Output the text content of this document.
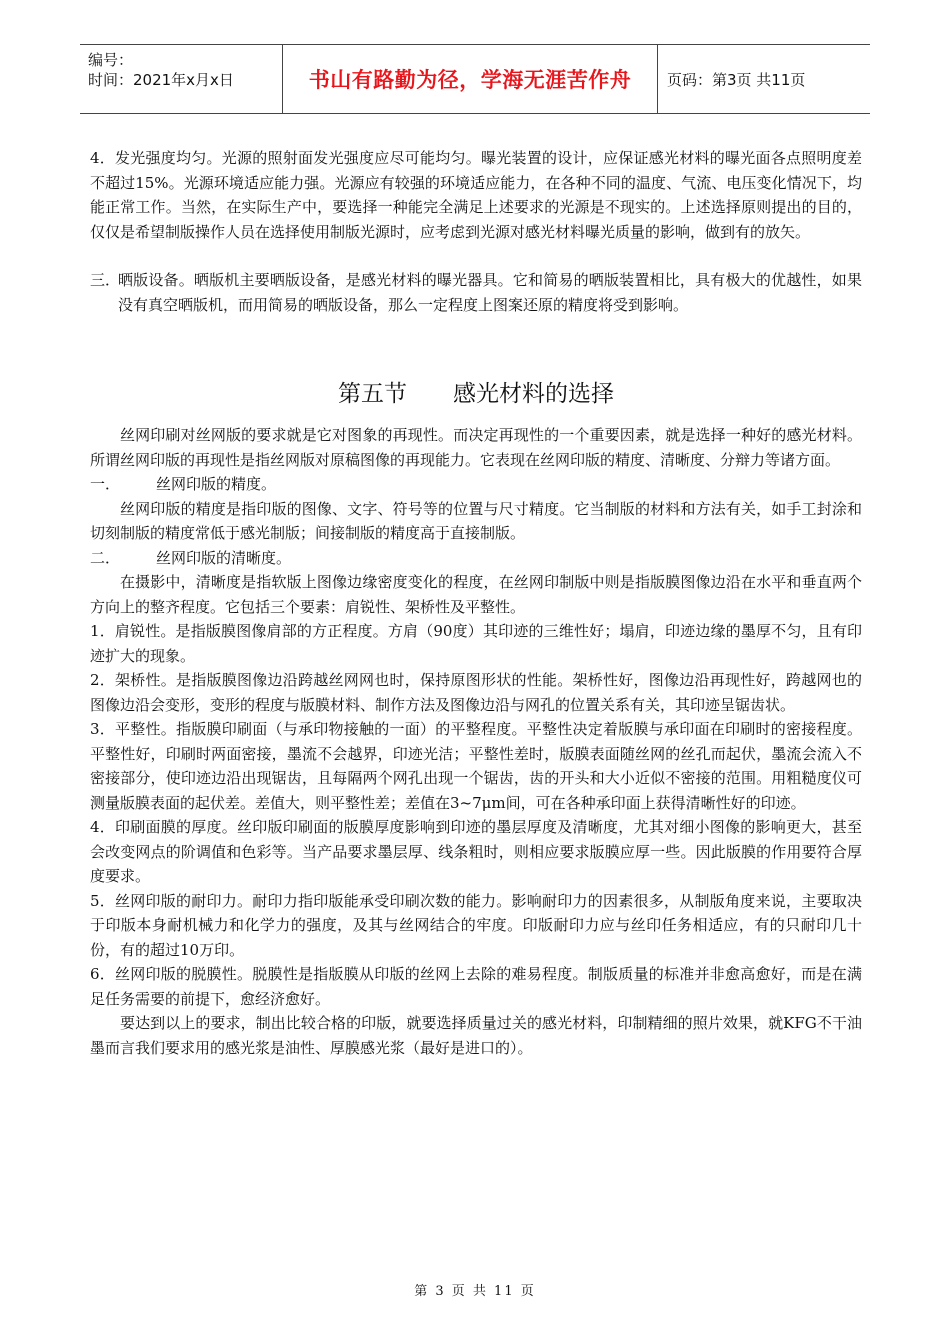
编号：
时间：2021年x月x日	书山有路勤为径，学海无涯苦作舟	页码：第3页 共11页

4．发光强度均匀。光源的照射面发光强度应尽可能均匀。曝光装置的设计，应保证感光材料的曝光面各点照明度差不超过15%。光源环境适应能力强。光源应有较强的环境适应能力，在各种不同的温度、气流、电压变化情况下，均能正常工作。当然，在实际生产中，要选择一种能完全满足上述要求的光源是不现实的。上述选择原则提出的目的，仅仅是希望制版操作人员在选择使用制版光源时，应考虑到光源对感光材料曝光质量的影响，做到有的放矢。

三．
晒版设备。晒版机主要晒版设备，是感光材料的曝光器具。它和简易的晒版装置相比，具有极大的优越性，如果没有真空晒版机，而用简易的晒版设备，那么一定程度上图案还原的精度将受到影响。
第五节 感光材料的选择

丝网印刷对丝网版的要求就是它对图象的再现性。而决定再现性的一个重要因素，就是选择一种好的感光材料。所谓丝网印版的再现性是指丝网版对原稿图像的再现能力。它表现在丝网印版的精度、清晰度、分辩力等诸方面。

一．	丝网印版的精度。

丝网印版的精度是指印版的图像、文字、符号等的位置与尺寸精度。它当制版的材料和方法有关，如手工封涂和切刻制版的精度常低于感光制版；间接制版的精度高于直接制版。

二．	丝网印版的清晰度。

在摄影中，清晰度是指软版上图像边缘密度变化的程度，在丝网印制版中则是指版膜图像边沿在水平和垂直两个方向上的整齐程度。它包括三个要素：肩锐性、架桥性及平整性。

1．肩锐性。是指版膜图像肩部的方正程度。方肩（90度）其印迹的三维性好；塌肩，印迹边缘的墨厚不匀，且有印迹扩大的现象。

2．架桥性。是指版膜图像边沿跨越丝网网也时，保持原图形状的性能。架桥性好，图像边沿再现性好，跨越网也的图像边沿会变形，变形的程度与版膜材料、制作方法及图像边沿与网孔的位置关系有关，其印迹呈锯齿状。

3．平整性。指版膜印刷面（与承印物接触的一面）的平整程度。平整性决定着版膜与承印面在印刷时的密接程度。平整性好，印刷时两面密接，墨流不会越界，印迹光洁；平整性差时，版膜表面随丝网的丝孔而起伏，墨流会流入不密接部分，使印迹边沿出现锯齿，且每隔两个网孔出现一个锯齿，齿的开头和大小近似不密接的范围。用粗糙度仪可测量版膜表面的起伏差。差值大，则平整性差；差值在3~7μm间，可在各种承印面上获得清晰性好的印迹。

4．印刷面膜的厚度。丝印版印刷面的版膜厚度影响到印迹的墨层厚度及清晰度，尤其对细小图像的影响更大，甚至会改变网点的阶调值和色彩等。当产品要求墨层厚、线条粗时，则相应要求版膜应厚一些。因此版膜的作用要符合厚度要求。

5．丝网印版的耐印力。耐印力指印版能承受印刷次数的能力。影响耐印力的因素很多，从制版角度来说，主要取决于印版本身耐机械力和化学力的强度，及其与丝网结合的牢度。印版耐印力应与丝印任务相适应，有的只耐印几十份，有的超过10万印。

6．丝网印版的脱膜性。脱膜性是指版膜从印版的丝网上去除的难易程度。制版质量的标准并非愈高愈好，而是在满足任务需要的前提下，愈经济愈好。

要达到以上的要求，制出比较合格的印版，就要选择质量过关的感光材料，印制精细的照片效果，就KFG不干油墨而言我们要求用的感光浆是油性、厚膜感光浆（最好是进口的）。

第 3 页 共 11 页
